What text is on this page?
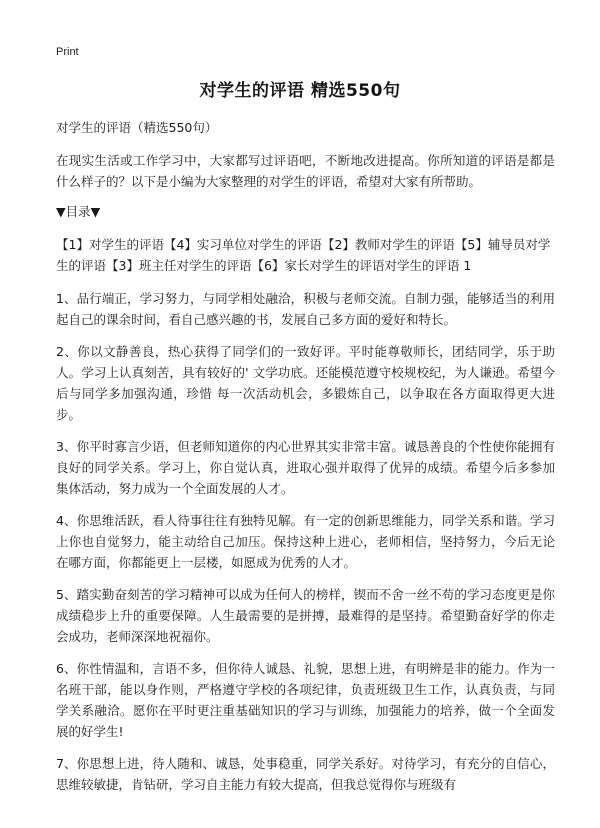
Print
对学生的评语 精选550句
对学生的评语（精选550句）

在现实生活或工作学习中，大家都写过评语吧，不断地改进提高。你所知道的评语是都是什么样子的？以下是小编为大家整理的对学生的评语，希望对大家有所帮助。

▼目录▼
【1】对学生的评语【4】实习单位对学生的评语【2】教师对学生的评语【5】辅导员对学生的评语【3】班主任对学生的评语【6】家长对学生的评语对学生的评语 1

1、品行端正，学习努力，与同学相处融洽，积极与老师交流。自制力强，能够适当的利用起自己的课余时间，看自己感兴趣的书，发展自己多方面的爱好和特长。

2、你以文静善良，热心获得了同学们的一致好评。平时能尊敬师长，团结同学，乐于助人。学习上认真刻苦，具有较好的' 文学功底。还能模范遵守校规校纪，为人谦逊。希望今后与同学多加强沟通，珍惜 每一次活动机会，多锻炼自己，以争取在各方面取得更大进步。

3、你平时寡言少语，但老师知道你的内心世界其实非常丰富。诚恳善良的个性使你能拥有良好的同学关系。学习上，你自觉认真，进取心强并取得了优异的成绩。希望今后多参加集体活动，努力成为一个全面发展的人才。

4、你思维活跃，看人待事往往有独特见解。有一定的创新思维能力，同学关系和谐。学习上你也自觉努力，能主动给自己加压。保持这种上进心，老师相信，坚持努力，今后无论在哪方面，你都能更上一层楼，如愿成为优秀的人才。

5、踏实勤奋刻苦的学习精神可以成为任何人的榜样，锲而不舍一丝不苟的学习态度更是你成绩稳步上升的重要保障。人生最需要的是拼搏，最难得的是坚持。希望勤奋好学的你走会成功，老师深深地祝福你。

6、你性情温和，言语不多，但你待人诚恳、礼貌，思想上进，有明辨是非的能力。作为一名班干部，能以身作则，严格遵守学校的各项纪律，负责班级卫生工作，认真负责，与同学关系融洽。愿你在平时更注重基础知识的学习与训练，加强能力的培养，做一个全面发展的好学生!

7、你思想上进，待人随和、诚恳，处事稳重，同学关系好。对待学习，有充分的自信心，思维较敏捷，肯钻研，学习自主能力有较大提高，但我总觉得你与班级有
